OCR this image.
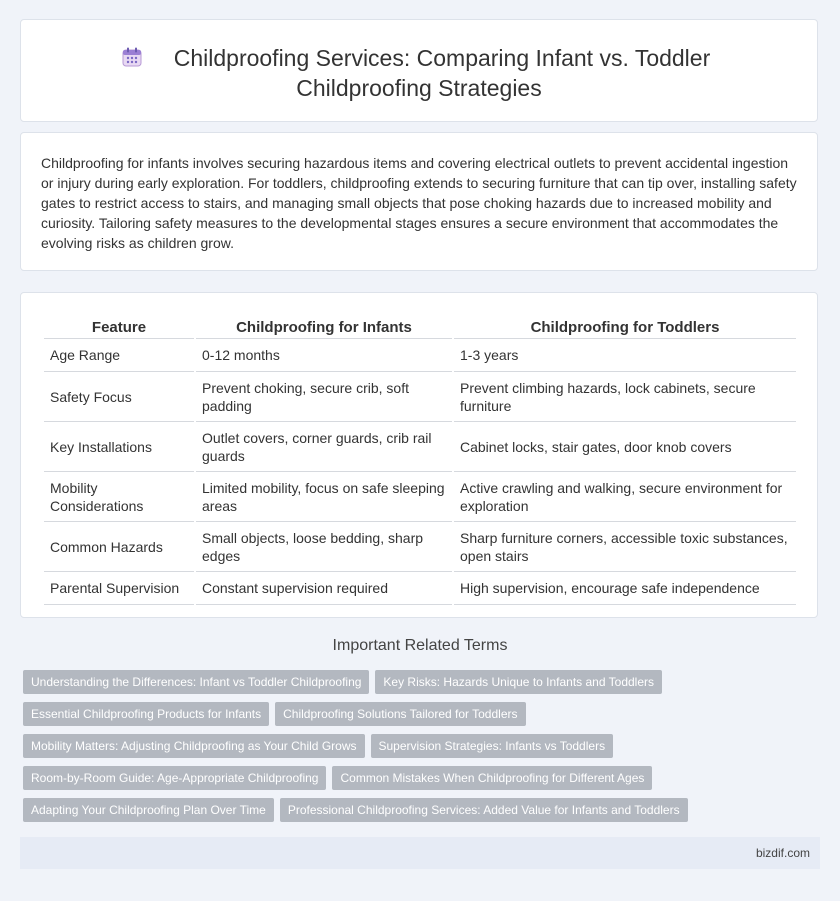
Childproofing Services: Comparing Infant vs. Toddler
Childproofing Strategies
Childproofing for infants involves securing hazardous items and covering electrical outlets to prevent accidental ingestion or injury during early exploration. For toddlers, childproofing extends to securing furniture that can tip over, installing safety gates to restrict access to stairs, and managing small objects that pose choking hazards due to increased mobility and curiosity. Tailoring safety measures to the developmental stages ensures a secure environment that accommodates the evolving risks as children grow.
Feature	Childproofing for Infants	Childproofing for Toddlers
Age Range	0-12 months	1-3 years
Safety Focus	Prevent choking, secure crib, soft padding	Prevent climbing hazards, lock cabinets, secure furniture
Key Installations	Outlet covers, corner guards, crib rail guards	Cabinet locks, stair gates, door knob covers
Mobility Considerations	Limited mobility, focus on safe sleeping areas	Active crawling and walking, secure environment for exploration
Common Hazards	Small objects, loose bedding, sharp edges	Sharp furniture corners, accessible toxic substances, open stairs
Parental Supervision	Constant supervision required	High supervision, encourage safe independence
Important Related Terms
Understanding the Differences: Infant vs Toddler Childproofing Key Risks: Hazards Unique to Infants and Toddlers
Essential Childproofing Products for Infants Childproofing Solutions Tailored for Toddlers
Mobility Matters: Adjusting Childproofing as Your Child Grows Supervision Strategies: Infants vs Toddlers
Room-by-Room Guide: Age-Appropriate Childproofing Common Mistakes When Childproofing for Different Ages
Adapting Your Childproofing Plan Over Time Professional Childproofing Services: Added Value for Infants and Toddlers
bizdif.com
